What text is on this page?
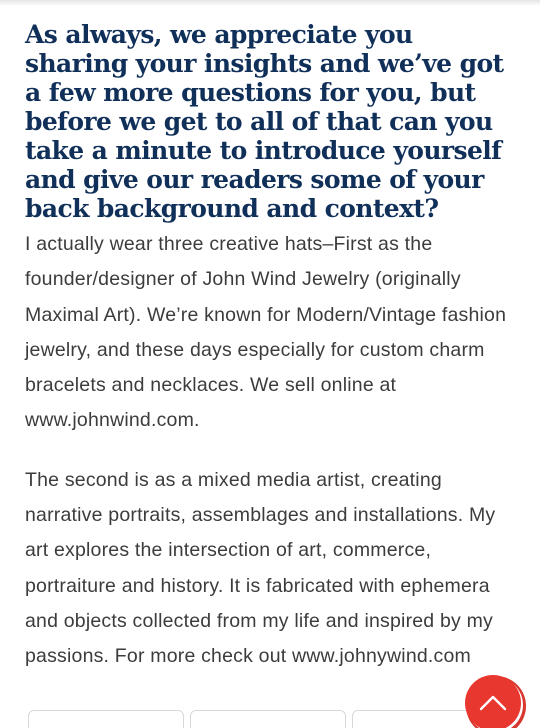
As always, we appreciate you sharing your insights and we’ve got a few more questions for you, but before we get to all of that can you take a minute to introduce yourself and give our readers some of your back background and context?

I actually wear three creative hats–First as the founder/designer of John Wind Jewelry (originally Maximal Art). We’re known for Modern/Vintage fashion jewelry, and these days especially for custom charm bracelets and necklaces. We sell online at www.johnwind.com.

The second is as a mixed media artist, creating narrative portraits, assemblages and installations. My art explores the intersection of art, commerce, portraiture and history. It is fabricated with ephemera and objects collected from my life and inspired by my passions. For more check out www.johnywind.com
